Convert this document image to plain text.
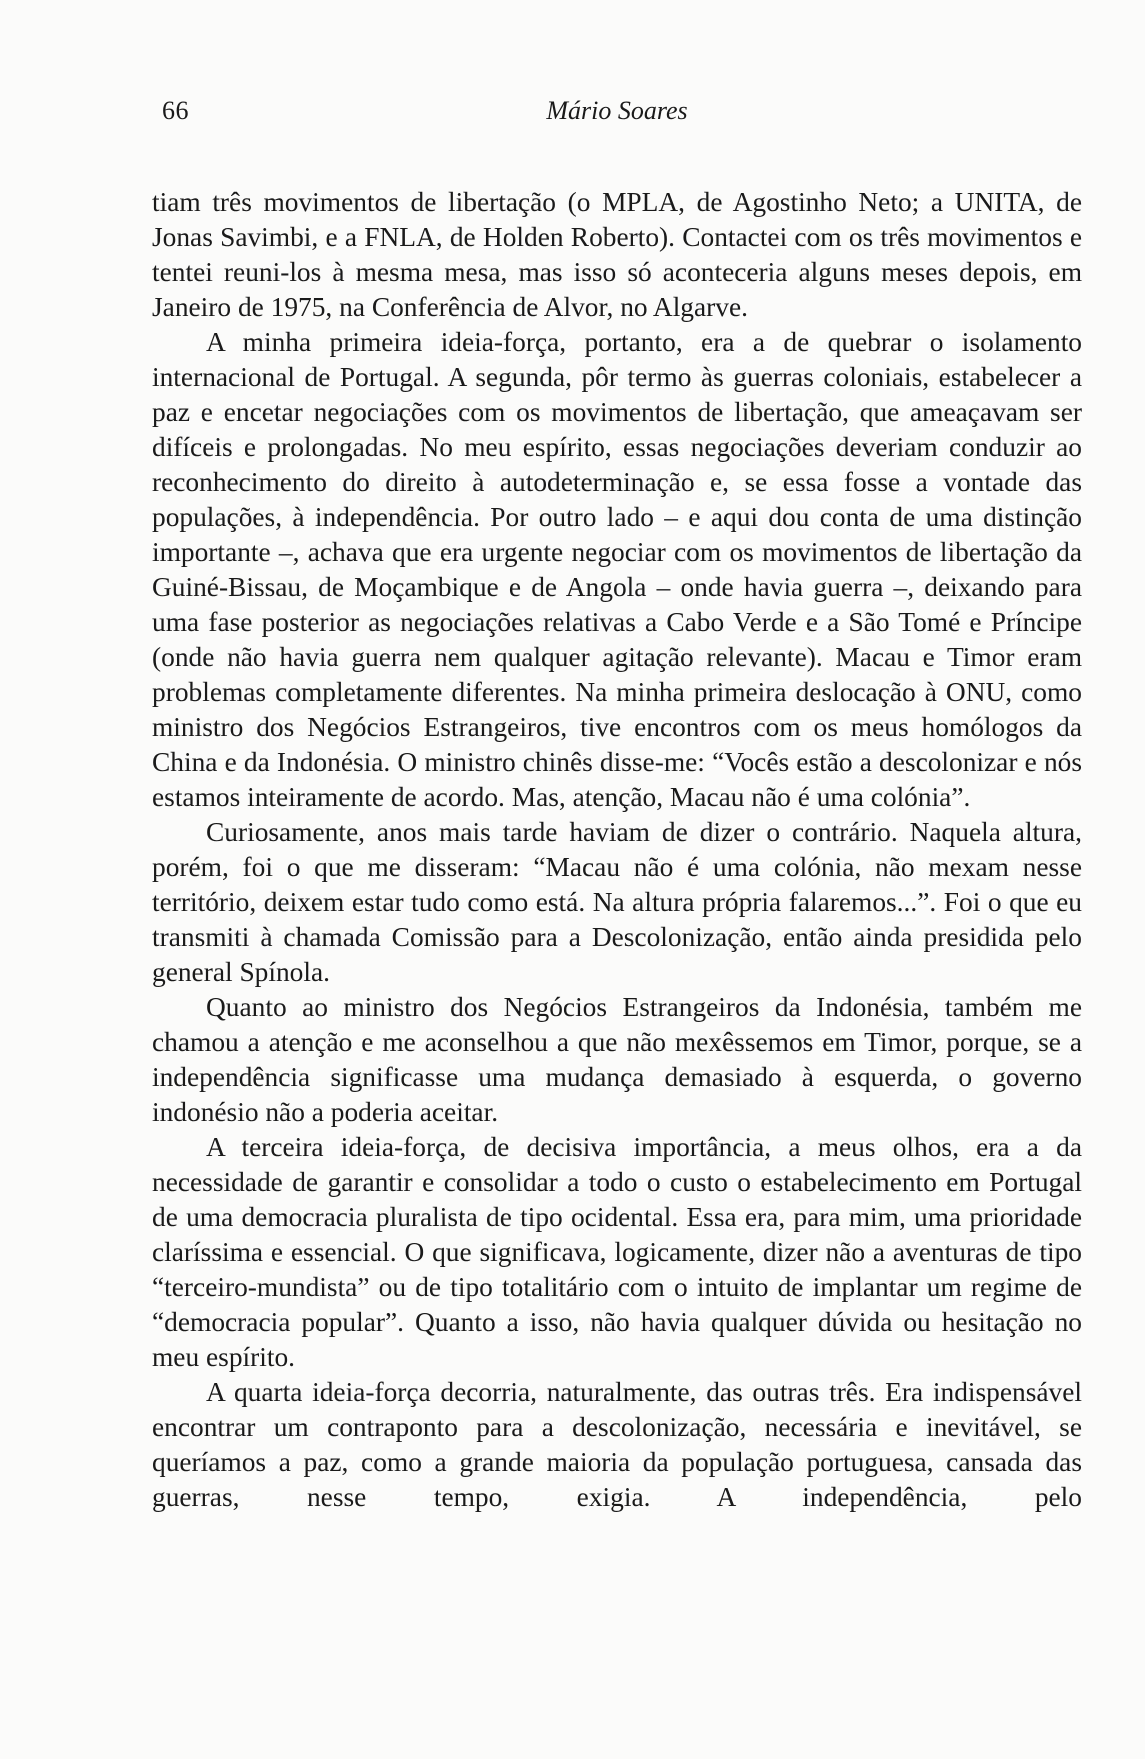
66	Mário Soares

tiam três movimentos de libertação (o MPLA, de Agostinho Neto; a UNITA, de Jonas Savimbi, e a FNLA, de Holden Roberto). Contactei com os três movimentos e tentei reuni-los à mesma mesa, mas isso só aconteceria alguns meses depois, em Janeiro de 1975, na Conferência de Alvor, no Algarve.

A minha primeira ideia-força, portanto, era a de quebrar o isolamento internacional de Portugal. A segunda, pôr termo às guerras coloniais, estabelecer a paz e encetar negociações com os movimentos de libertação, que ameaçavam ser difíceis e prolongadas. No meu espírito, essas negociações deveriam conduzir ao reconhecimento do direito à autodeterminação e, se essa fosse a vontade das populações, à independência. Por outro lado – e aqui dou conta de uma distinção importante –, achava que era urgente negociar com os movimentos de libertação da Guiné-Bissau, de Moçambique e de Angola – onde havia guerra –, deixando para uma fase posterior as negociações relativas a Cabo Verde e a São Tomé e Príncipe (onde não havia guerra nem qualquer agitação relevante). Macau e Timor eram problemas completamente diferentes. Na minha primeira deslocação à ONU, como ministro dos Negócios Estrangeiros, tive encontros com os meus homólogos da China e da Indonésia. O ministro chinês disse-me: “Vocês estão a descolonizar e nós estamos inteiramente de acordo. Mas, atenção, Macau não é uma colónia”.

Curiosamente, anos mais tarde haviam de dizer o contrário. Naquela altura, porém, foi o que me disseram: “Macau não é uma colónia, não mexam nesse território, deixem estar tudo como está. Na altura própria falaremos...”. Foi o que eu transmiti à chamada Comissão para a Descolonização, então ainda presidida pelo general Spínola.

Quanto ao ministro dos Negócios Estrangeiros da Indonésia, também me chamou a atenção e me aconselhou a que não mexêssemos em Timor, porque, se a independência significasse uma mudança demasiado à esquerda, o governo indonésio não a poderia aceitar.

A terceira ideia-força, de decisiva importância, a meus olhos, era a da necessidade de garantir e consolidar a todo o custo o estabelecimento em Portugal de uma democracia pluralista de tipo ocidental. Essa era, para mim, uma prioridade claríssima e essencial. O que significava, logicamente, dizer não a aventuras de tipo “terceiro-mundista” ou de tipo totalitário com o intuito de implantar um regime de “democracia popular”. Quanto a isso, não havia qualquer dúvida ou hesitação no meu espírito.

A quarta ideia-força decorria, naturalmente, das outras três. Era indispensável encontrar um contraponto para a descolonização, necessária e inevitável, se queríamos a paz, como a grande maioria da população portuguesa, cansada das guerras, nesse tempo, exigia. A independência, pelo
